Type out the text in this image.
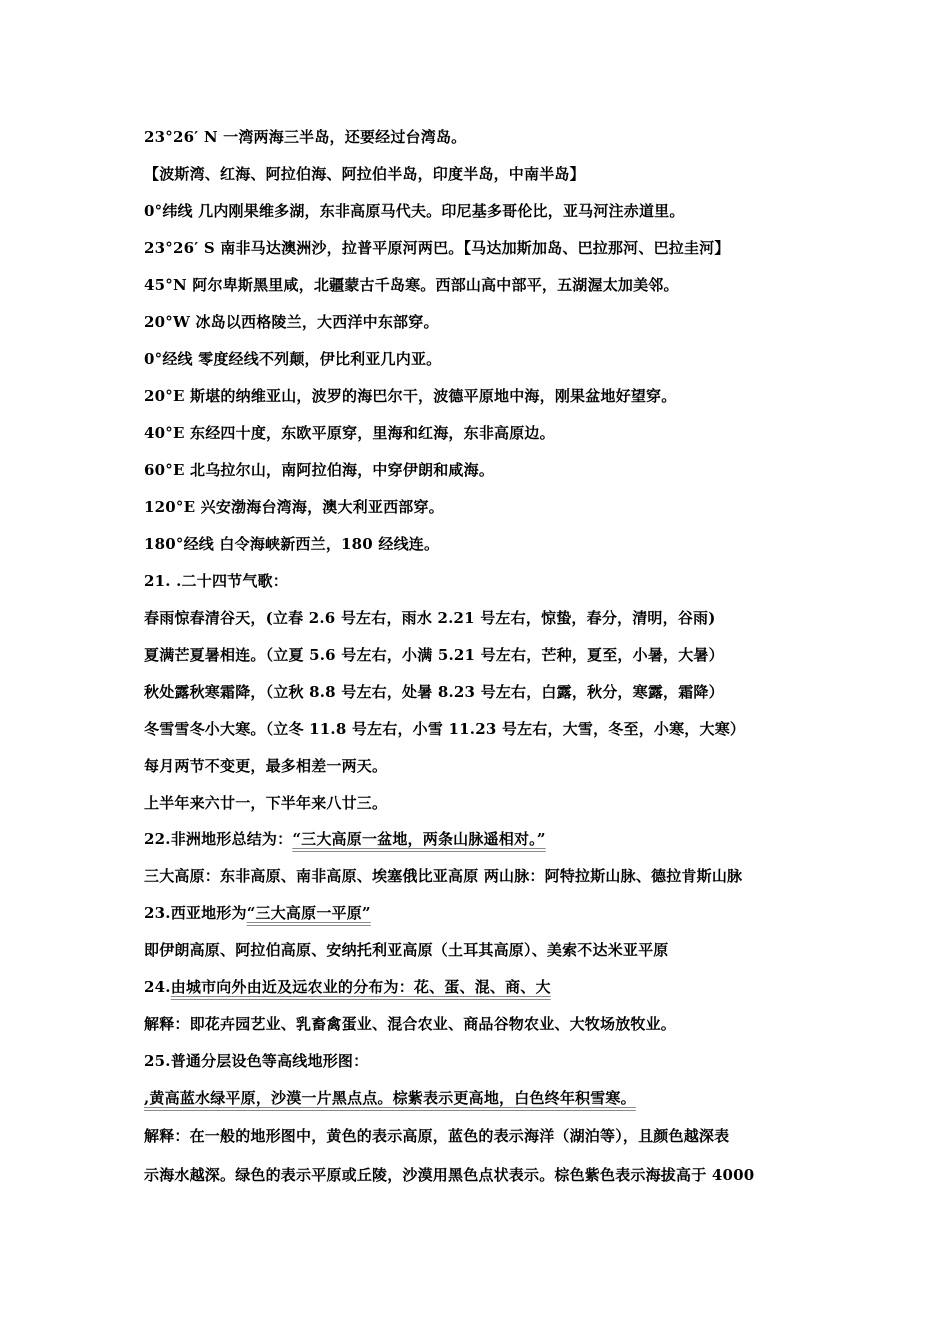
23°26′ N 一湾两海三半岛，还要经过台湾岛。
【波斯湾、红海、阿拉伯海、阿拉伯半岛，印度半岛，中南半岛】
0°纬线 几内刚果维多湖，东非高原马代夫。印尼基多哥伦比，亚马河注赤道里。
23°26′ S 南非马达澳洲沙，拉普平原河两巴。【马达加斯加岛、巴拉那河、巴拉圭河】
45°N 阿尔卑斯黑里咸，北疆蒙古千岛寒。西部山高中部平，五湖渥太加美邻。
20°W 冰岛以西格陵兰，大西洋中东部穿。
0°经线 零度经线不列颠，伊比利亚几内亚。
20°E 斯堪的纳维亚山，波罗的海巴尔干，波德平原地中海，刚果盆地好望穿。
40°E 东经四十度，东欧平原穿，里海和红海，东非高原边。
60°E 北乌拉尔山，南阿拉伯海，中穿伊朗和咸海。
120°E 兴安渤海台湾海，澳大利亚西部穿。
180°经线 白令海峡新西兰，180 经线连。
21. .二十四节气歌：
春雨惊春清谷天，(立春 2.6 号左右，雨水 2.21 号左右，惊蛰，春分，清明，谷雨)
夏满芒夏暑相连。（立夏 5.6 号左右，小满 5.21 号左右，芒种，夏至，小暑，大暑）
秋处露秋寒霜降，（立秋 8.8 号左右，处暑 8.23 号左右，白露，秋分，寒露，霜降）
冬雪雪冬小大寒。（立冬 11.8 号左右，小雪 11.23 号左右，大雪，冬至，小寒，大寒）
每月两节不变更，最多相差一两天。
上半年来六廿一，下半年来八廿三。
22.非洲地形总结为：“三大高原一盆地，两条山脉遥相对。”
三大高原：东非高原、南非高原、埃塞俄比亚高原 两山脉：阿特拉斯山脉、德拉肯斯山脉
23.西亚地形为“三大高原一平原”
即伊朗高原、阿拉伯高原、安纳托利亚高原（土耳其高原）、美索不达米亚平原
24.由城市向外由近及远农业的分布为：花、蛋、混、商、大
解释：即花卉园艺业、乳畜禽蛋业、混合农业、商品谷物农业、大牧场放牧业。
25.普通分层设色等高线地形图：
,黄高蓝水绿平原，沙漠一片黑点点。棕紫表示更高地，白色终年积雪寒。
解释：在一般的地形图中，黄色的表示高原，蓝色的表示海洋（湖泊等），且颜色越深表
示海水越深。绿色的表示平原或丘陵，沙漠用黑色点状表示。棕色紫色表示海拔高于 4000
